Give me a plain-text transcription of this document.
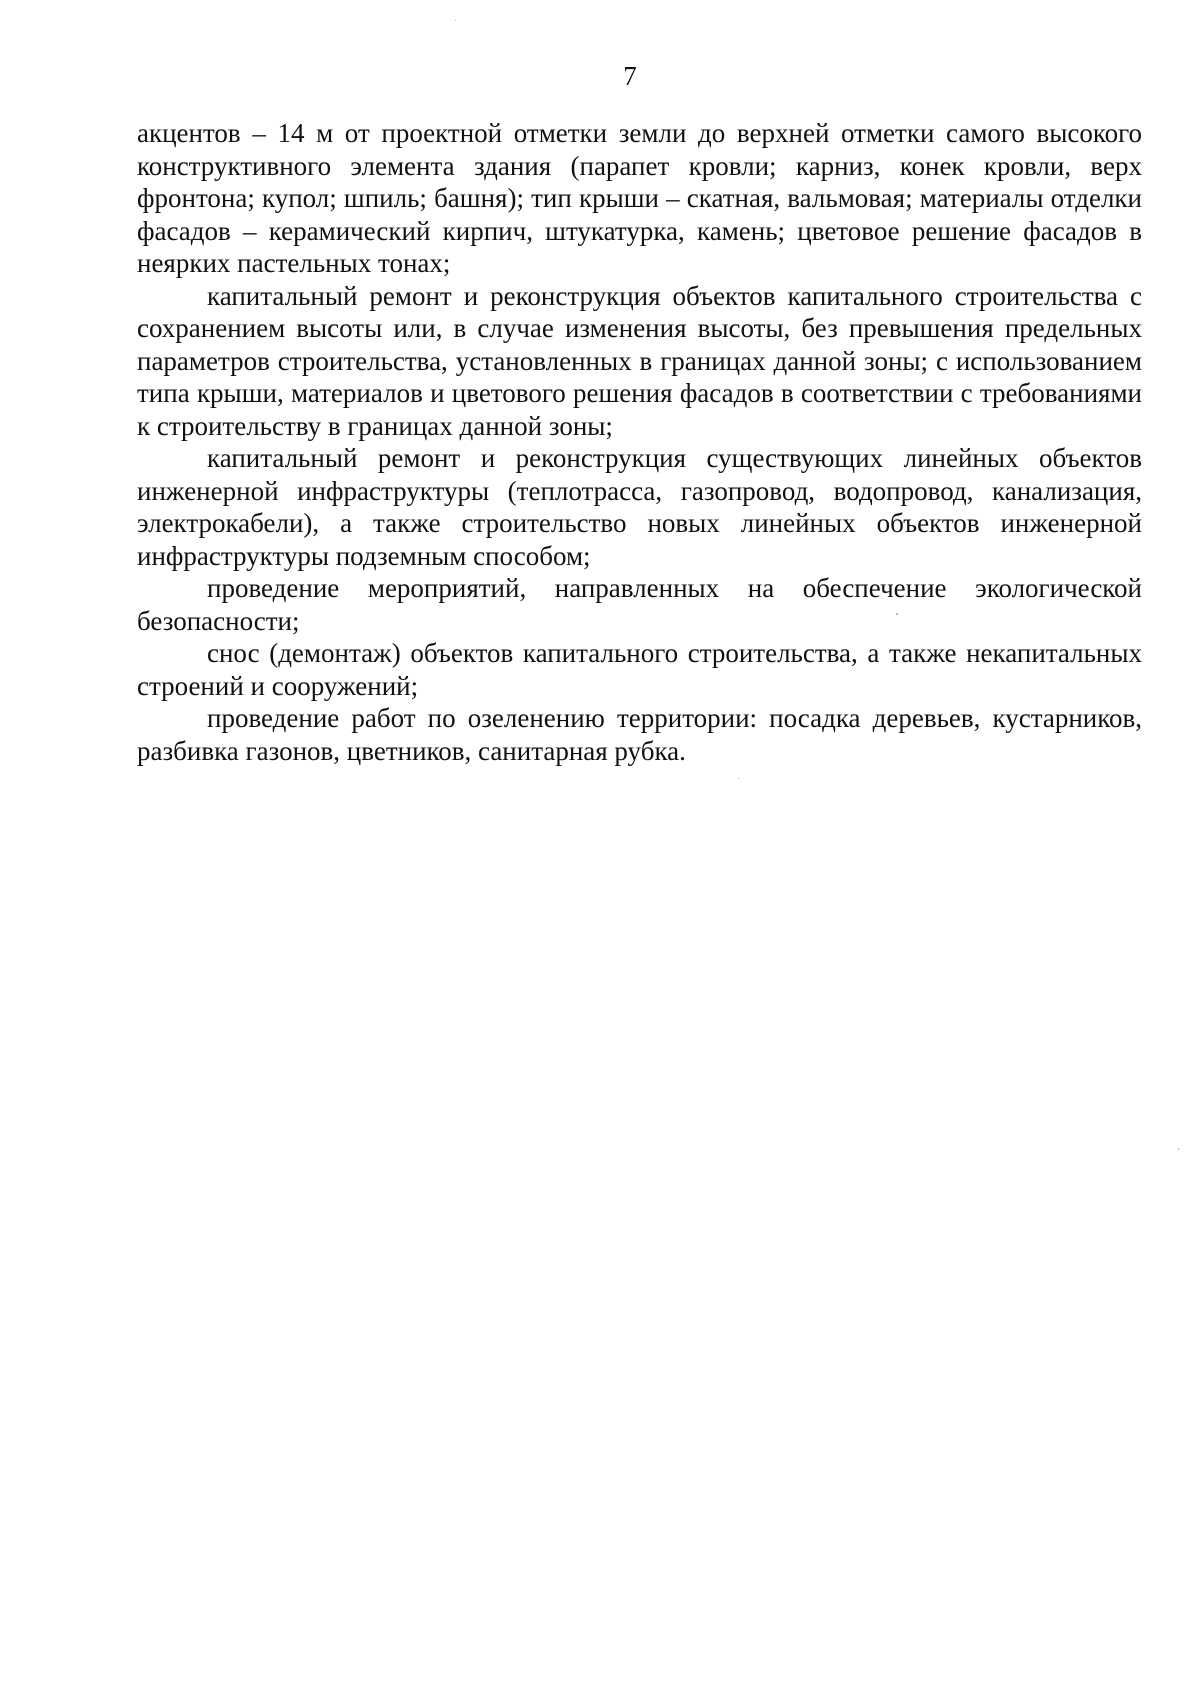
7

акцентов – 14 м от проектной отметки земли до верхней отметки самого высокого конструктивного элемента здания (парапет кровли; карниз, конек кровли, верх фронтона; купол; шпиль; башня); тип крыши – скатная, вальмовая; материалы отделки фасадов – керамический кирпич, штукатурка, камень; цветовое решение фасадов в неярких пастельных тонах;

капитальный ремонт и реконструкция объектов капитального строительства с сохранением высоты или, в случае изменения высоты, без превышения предельных параметров строительства, установленных в границах данной зоны; с использованием типа крыши, материалов и цветового решения фасадов в соответствии с требованиями к строительству в границах данной зоны;

капитальный ремонт и реконструкция существующих линейных объектов инженерной инфраструктуры (теплотрасса, газопровод, водопровод, канализация, электрокабели), а также строительство новых линейных объектов инженерной инфраструктуры подземным способом;

проведение мероприятий, направленных на обеспечение экологической безопасности;

снос (демонтаж) объектов капитального строительства, а также некапитальных строений и сооружений;

проведение работ по озеленению территории: посадка деревьев, кустарников, разбивка газонов, цветников, санитарная рубка.
